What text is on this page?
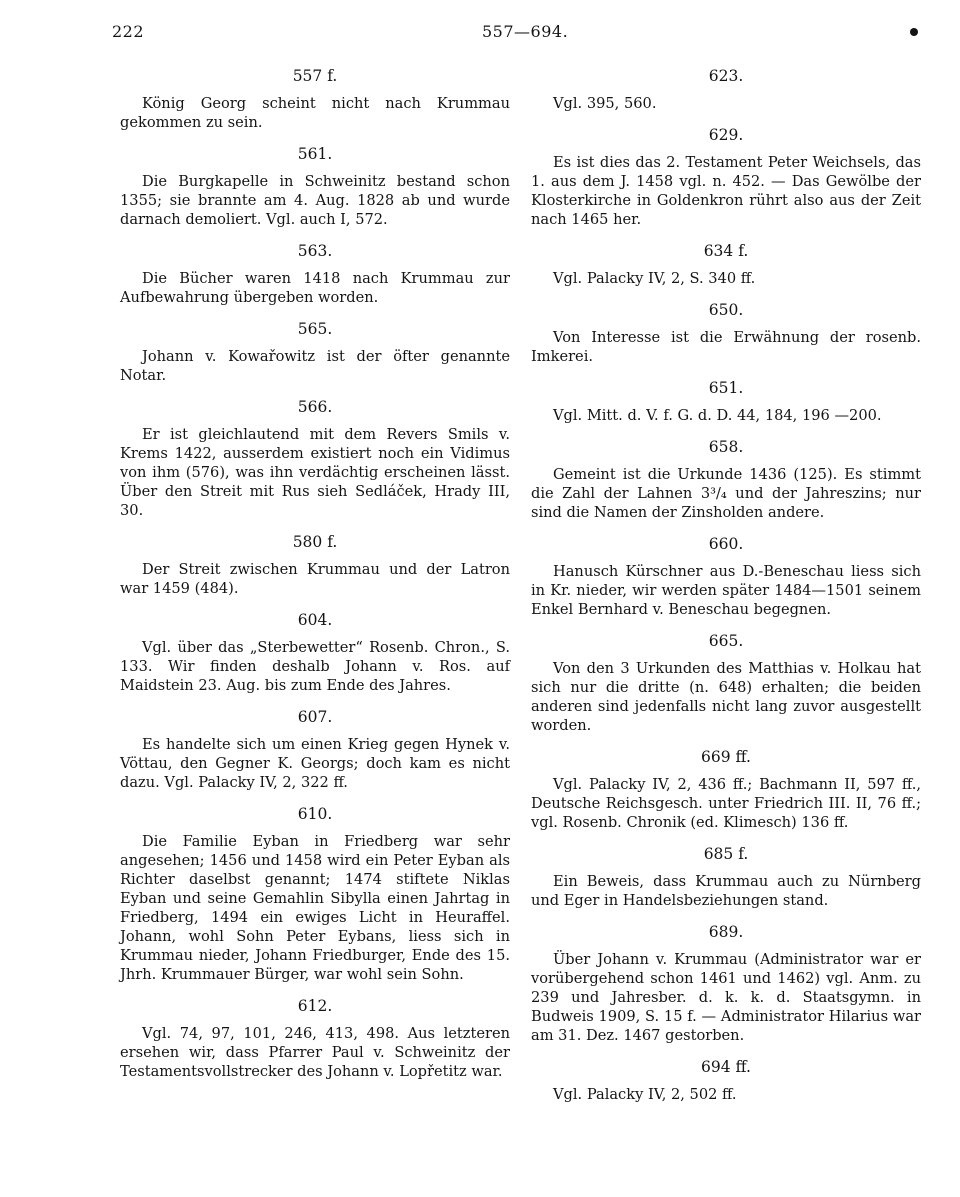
222	557—694.
557 f.

König Georg scheint nicht nach Krummau gekommen zu sein.

561.

Die Burgkapelle in Schweinitz bestand schon 1355; sie brannte am 4. Aug. 1828 ab und wurde darnach demoliert. Vgl. auch I, 572.

563.

Die Bücher waren 1418 nach Krummau zur Aufbewahrung übergeben worden.

565.

Johann v. Kowařowitz ist der öfter genannte Notar.

566.

Er ist gleichlautend mit dem Revers Smils v. Krems 1422, ausserdem existiert noch ein Vidimus von ihm (576), was ihn verdächtig erscheinen lässt. Über den Streit mit Rus sieh Sedláček, Hrady III, 30.

580 f.

Der Streit zwischen Krummau und der Latron war 1459 (484).

604.

Vgl. über das „Sterbewetter“ Rosenb. Chron., S. 133. Wir finden deshalb Johann v. Ros. auf Maidstein 23. Aug. bis zum Ende des Jahres.

607.

Es handelte sich um einen Krieg gegen Hynek v. Vöttau, den Gegner K. Georgs; doch kam es nicht dazu. Vgl. Palacky IV, 2, 322 ff.

610.

Die Familie Eyban in Friedberg war sehr angesehen; 1456 und 1458 wird ein Peter Eyban als Richter daselbst genannt; 1474 stiftete Niklas Eyban und seine Gemahlin Sibylla einen Jahrtag in Friedberg, 1494 ein ewiges Licht in Heuraffel. Johann, wohl Sohn Peter Eybans, liess sich in Krummau nieder, Johann Friedburger, Ende des 15. Jhrh. Krummauer Bürger, war wohl sein Sohn.

612.

Vgl. 74, 97, 101, 246, 413, 498. Aus letzteren ersehen wir, dass Pfarrer Paul v. Schweinitz der Testamentsvollstrecker des Johann v. Lopřetitz war.

623.

Vgl. 395, 560.

629.

Es ist dies das 2. Testament Peter Weichsels, das 1. aus dem J. 1458 vgl. n. 452. — Das Gewölbe der Klosterkirche in Goldenkron rührt also aus der Zeit nach 1465 her.

634 f.

Vgl. Palacky IV, 2, S. 340 ff.

650.

Von Interesse ist die Erwähnung der rosenb. Imkerei.

651.

Vgl. Mitt. d. V. f. G. d. D. 44, 184, 196 —200.

658.

Gemeint ist die Urkunde 1436 (125). Es stimmt die Zahl der Lahnen 3³/₄ und der Jahreszins; nur sind die Namen der Zinsholden andere.

660.

Hanusch Kürschner aus D.-Beneschau liess sich in Kr. nieder, wir werden später 1484—1501 seinem Enkel Bernhard v. Beneschau begegnen.

665.

Von den 3 Urkunden des Matthias v. Holkau hat sich nur die dritte (n. 648) erhalten; die beiden anderen sind jedenfalls nicht lang zuvor ausgestellt worden.

669 ff.

Vgl. Palacky IV, 2, 436 ff.; Bachmann II, 597 ff., Deutsche Reichsgesch. unter Friedrich III. II, 76 ff.; vgl. Rosenb. Chronik (ed. Klimesch) 136 ff.

685 f.

Ein Beweis, dass Krummau auch zu Nürnberg und Eger in Handelsbeziehungen stand.

689.

Über Johann v. Krummau (Administrator war er vorübergehend schon 1461 und 1462) vgl. Anm. zu 239 und Jahresber. d. k. k. d. Staatsgymn. in Budweis 1909, S. 15 f. — Administrator Hilarius war am 31. Dez. 1467 gestorben.

694 ff.

Vgl. Palacky IV, 2, 502 ff.
